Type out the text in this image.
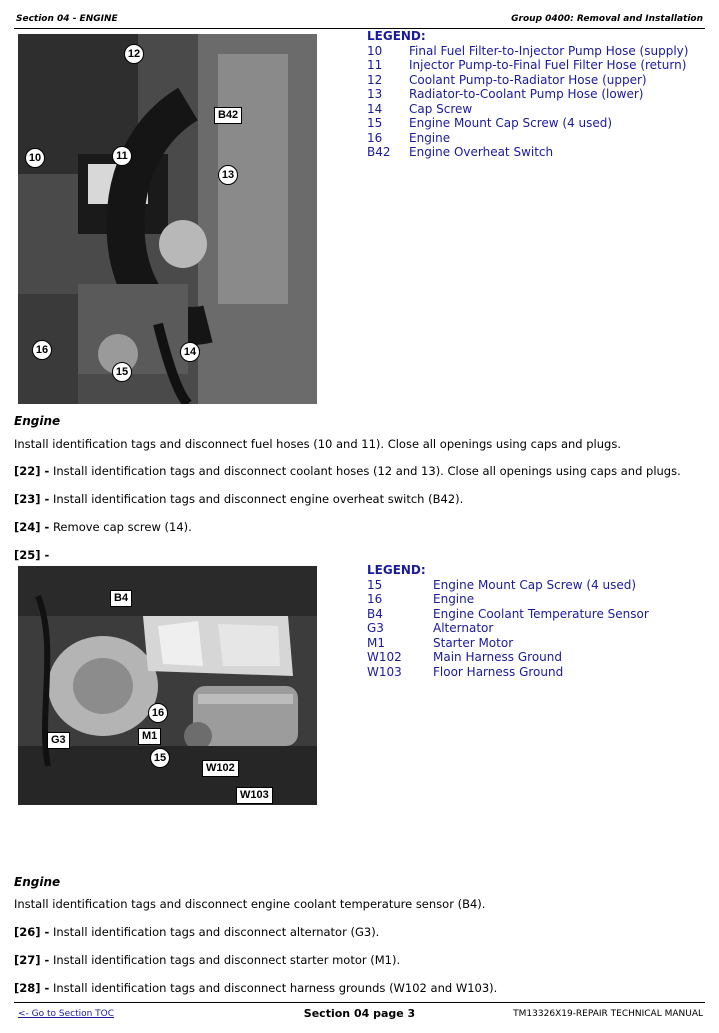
Section 04 - ENGINE	Group 0400: Removal and Installation
12
10	11
B42
13
16	14
15
LEGEND:
10	Final Fuel Filter-to-Injector Pump Hose (supply)
11	Injector Pump-to-Final Fuel Filter Hose (return)
12	Coolant Pump-to-Radiator Hose (upper)
13	Radiator-to-Coolant Pump Hose (lower)
14	Cap Screw
15	Engine Mount Cap Screw (4 used)
16	Engine
B42	Engine Overheat Switch
Engine
Install identification tags and disconnect fuel hoses (10 and 11). Close all openings using caps and plugs.
[22] - Install identification tags and disconnect coolant hoses (12 and 13). Close all openings using caps and plugs.
[23] - Install identification tags and disconnect engine overheat switch (B42).
[24] - Remove cap screw (14).
[25] -
B4
G3
16
M1
15
W102
W103
LEGEND:
15	Engine Mount Cap Screw (4 used)
16	Engine
B4	Engine Coolant Temperature Sensor
G3	Alternator
M1	Starter Motor
W102	Main Harness Ground
W103	Floor Harness Ground
Engine
Install identification tags and disconnect engine coolant temperature sensor (B4).
[26] - Install identification tags and disconnect alternator (G3).
[27] - Install identification tags and disconnect starter motor (M1).
[28] - Install identification tags and disconnect harness grounds (W102 and W103).
<- Go to Section TOC	Section 04 page 3	TM13326X19-REPAIR TECHNICAL MANUAL
